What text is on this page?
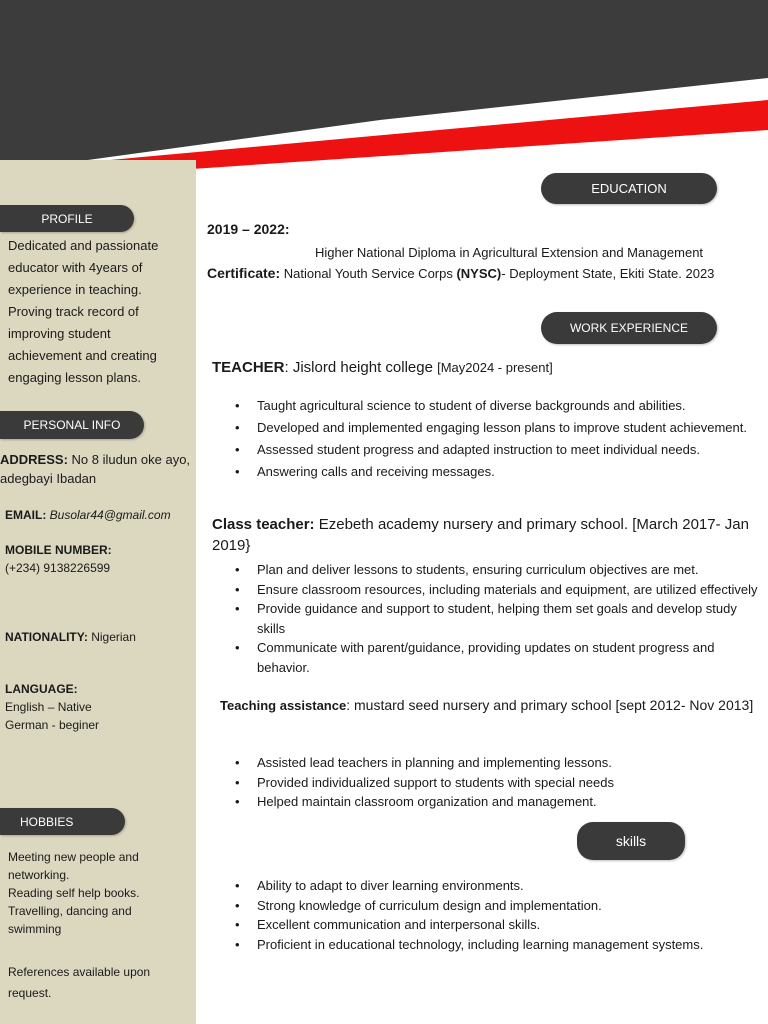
PROFILE
Dedicated and passionate
educator with 4years of
experience in teaching.
Proving track record of
improving student
achievement and creating
engaging lesson plans.
PERSONAL INFO
ADDRESS: No 8 iludun oke ayo,
adegbayi Ibadan
EMAIL: Busolar44@gmail.com
MOBILE NUMBER:
(+234) 9138226599
NATIONALITY: Nigerian
LANGUAGE:
English – Native
German - beginer
HOBBIES
Meeting new people and
networking.
Reading self help books.
Travelling, dancing and
swimming
References available upon
request.
EDUCATION
2019 – 2022:
Higher National Diploma in Agricultural Extension and Management
Certificate: National Youth Service Corps (NYSC)- Deployment State, Ekiti State. 2023
WORK EXPERIENCE
TEACHER: Jislord height college [May2024 - present]
• Taught agricultural science to student of diverse backgrounds and abilities.
• Developed and implemented engaging lesson plans to improve student achievement.
• Assessed student progress and adapted instruction to meet individual needs.
• Answering calls and receiving messages.
Class teacher: Ezebeth academy nursery and primary school. [March 2017- Jan 2019}
• Plan and deliver lessons to students, ensuring curriculum objectives are met.
• Ensure classroom resources, including materials and equipment, are utilized effectively
• Provide guidance and support to student, helping them set goals and develop study skills
• Communicate with parent/guidance, providing updates on student progress and behavior.
Teaching assistance: mustard seed nursery and primary school [sept 2012- Nov 2013]
• Assisted lead teachers in planning and implementing lessons.
• Provided individualized support to students with special needs
• Helped maintain classroom organization and management.
skills
• Ability to adapt to diver learning environments.
• Strong knowledge of curriculum design and implementation.
• Excellent communication and interpersonal skills.
• Proficient in educational technology, including learning management systems.
